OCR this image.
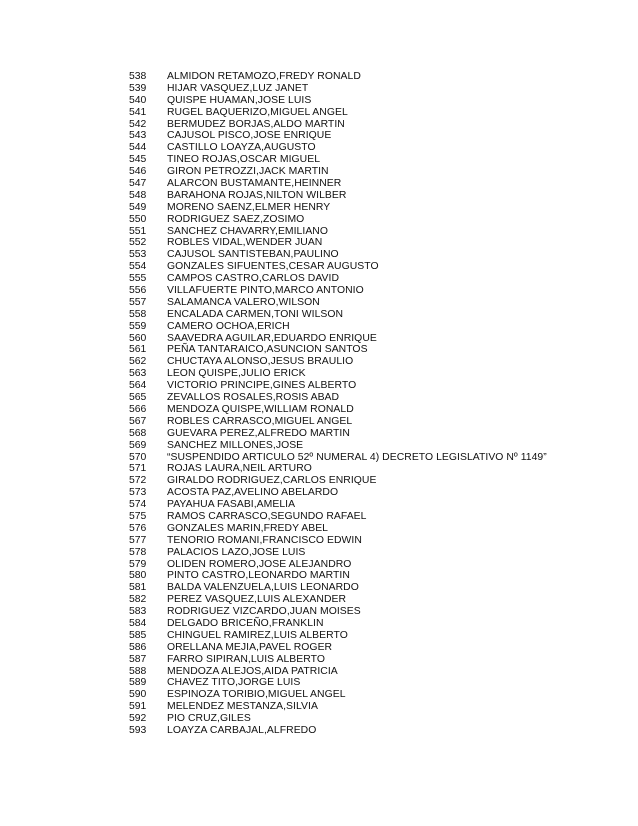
538	ALMIDON RETAMOZO,FREDY RONALD
539	HIJAR VASQUEZ,LUZ JANET
540	QUISPE HUAMAN,JOSE LUIS
541	RUGEL BAQUERIZO,MIGUEL ANGEL
542	BERMUDEZ BORJAS,ALDO MARTIN
543	CAJUSOL PISCO,JOSE ENRIQUE
544	CASTILLO LOAYZA,AUGUSTO
545	TINEO ROJAS,OSCAR MIGUEL
546	GIRON PETROZZI,JACK MARTIN
547	ALARCON BUSTAMANTE,HEINNER
548	BARAHONA ROJAS,NILTON WILBER
549	MORENO SAENZ,ELMER HENRY
550	RODRIGUEZ SAEZ,ZOSIMO
551	SANCHEZ CHAVARRY,EMILIANO
552	ROBLES VIDAL,WENDER JUAN
553	CAJUSOL SANTISTEBAN,PAULINO
554	GONZALES SIFUENTES,CESAR AUGUSTO
555	CAMPOS CASTRO,CARLOS DAVID
556	VILLAFUERTE PINTO,MARCO ANTONIO
557	SALAMANCA VALERO,WILSON
558	ENCALADA CARMEN,TONI WILSON
559	CAMERO OCHOA,ERICH
560	SAAVEDRA AGUILAR,EDUARDO ENRIQUE
561	PEÑA TANTARAICO,ASUNCION SANTOS
562	CHUCTAYA ALONSO,JESUS BRAULIO
563	LEON QUISPE,JULIO ERICK
564	VICTORIO PRINCIPE,GINES ALBERTO
565	ZEVALLOS ROSALES,ROSIS ABAD
566	MENDOZA QUISPE,WILLIAM RONALD
567	ROBLES CARRASCO,MIGUEL ANGEL
568	GUEVARA PEREZ,ALFREDO MARTIN
569	SANCHEZ MILLONES,JOSE
570	“SUSPENDIDO ARTICULO 52º NUMERAL 4) DECRETO LEGISLATIVO Nº 1149”
571	ROJAS LAURA,NEIL ARTURO
572	GIRALDO RODRIGUEZ,CARLOS ENRIQUE
573	ACOSTA PAZ,AVELINO ABELARDO
574	PAYAHUA FASABI,AMELIA
575	RAMOS CARRASCO,SEGUNDO RAFAEL
576	GONZALES MARIN,FREDY ABEL
577	TENORIO ROMANI,FRANCISCO EDWIN
578	PALACIOS LAZO,JOSE LUIS
579	OLIDEN ROMERO,JOSE ALEJANDRO
580	PINTO CASTRO,LEONARDO MARTIN
581	BALDA VALENZUELA,LUIS LEONARDO
582	PEREZ VASQUEZ,LUIS ALEXANDER
583	RODRIGUEZ VIZCARDO,JUAN MOISES
584	DELGADO BRICEÑO,FRANKLIN
585	CHINGUEL RAMIREZ,LUIS ALBERTO
586	ORELLANA MEJIA,PAVEL ROGER
587	FARRO SIPIRAN,LUIS ALBERTO
588	MENDOZA ALEJOS,AIDA PATRICIA
589	CHAVEZ TITO,JORGE LUIS
590	ESPINOZA TORIBIO,MIGUEL ANGEL
591	MELENDEZ MESTANZA,SILVIA
592	PIO CRUZ,GILES
593	LOAYZA CARBAJAL,ALFREDO
